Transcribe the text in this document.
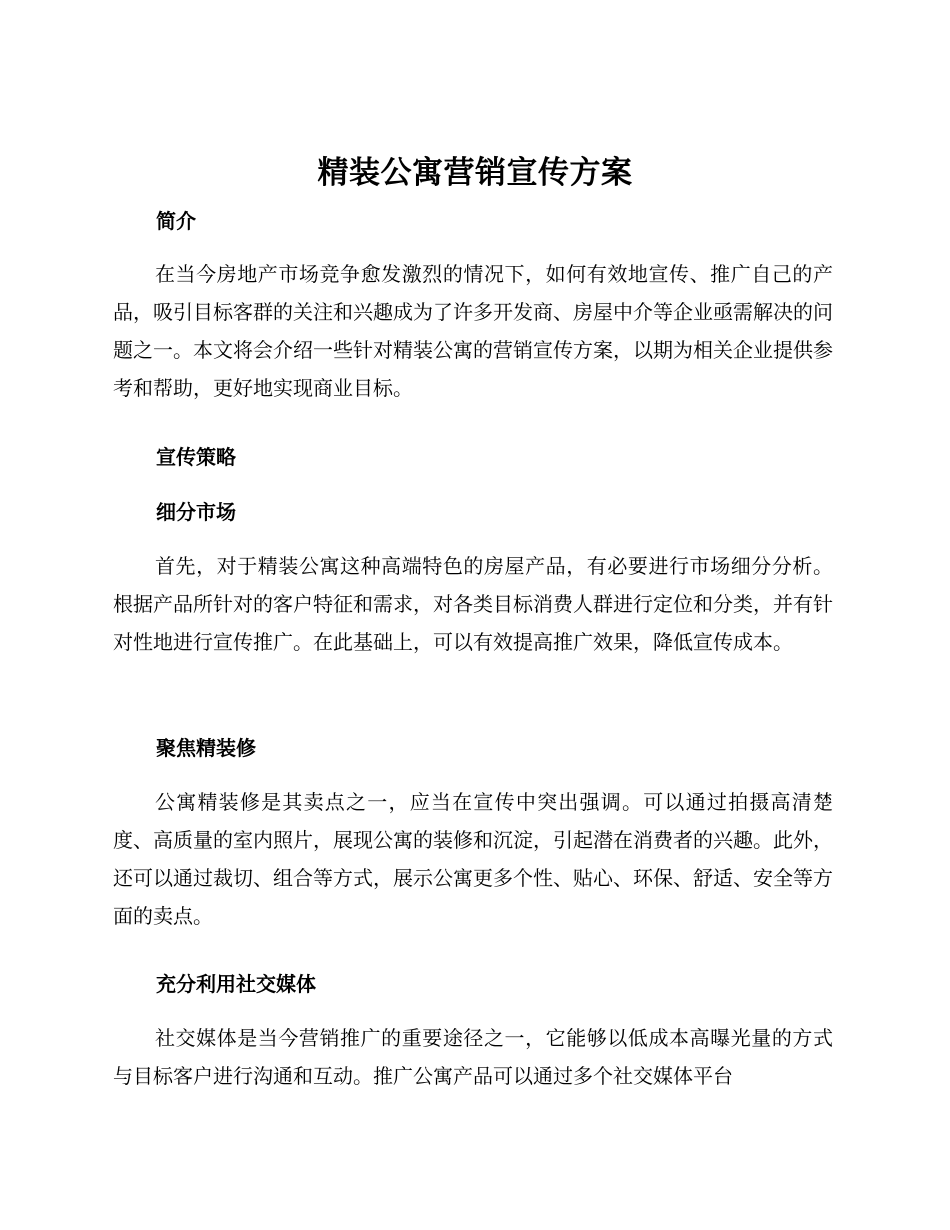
精装公寓营销宣传方案
简介

在当今房地产市场竞争愈发激烈的情况下，如何有效地宣传、推广自己的产品，吸引目标客群的关注和兴趣成为了许多开发商、房屋中介等企业亟需解决的问题之一。本文将会介绍一些针对精装公寓的营销宣传方案，以期为相关企业提供参考和帮助，更好地实现商业目标。

宣传策略
细分市场

首先，对于精装公寓这种高端特色的房屋产品，有必要进行市场细分分析。根据产品所针对的客户特征和需求，对各类目标消费人群进行定位和分类，并有针对性地进行宣传推广。在此基础上，可以有效提高推广效果，降低宣传成本。

聚焦精装修

公寓精装修是其卖点之一，应当在宣传中突出强调。可以通过拍摄高清楚度、高质量的室内照片，展现公寓的装修和沉淀，引起潜在消费者的兴趣。此外，还可以通过裁切、组合等方式，展示公寓更多个性、贴心、环保、舒适、安全等方面的卖点。

充分利用社交媒体

社交媒体是当今营销推广的重要途径之一，它能够以低成本高曝光量的方式与目标客户进行沟通和互动。推广公寓产品可以通过多个社交媒体平台
